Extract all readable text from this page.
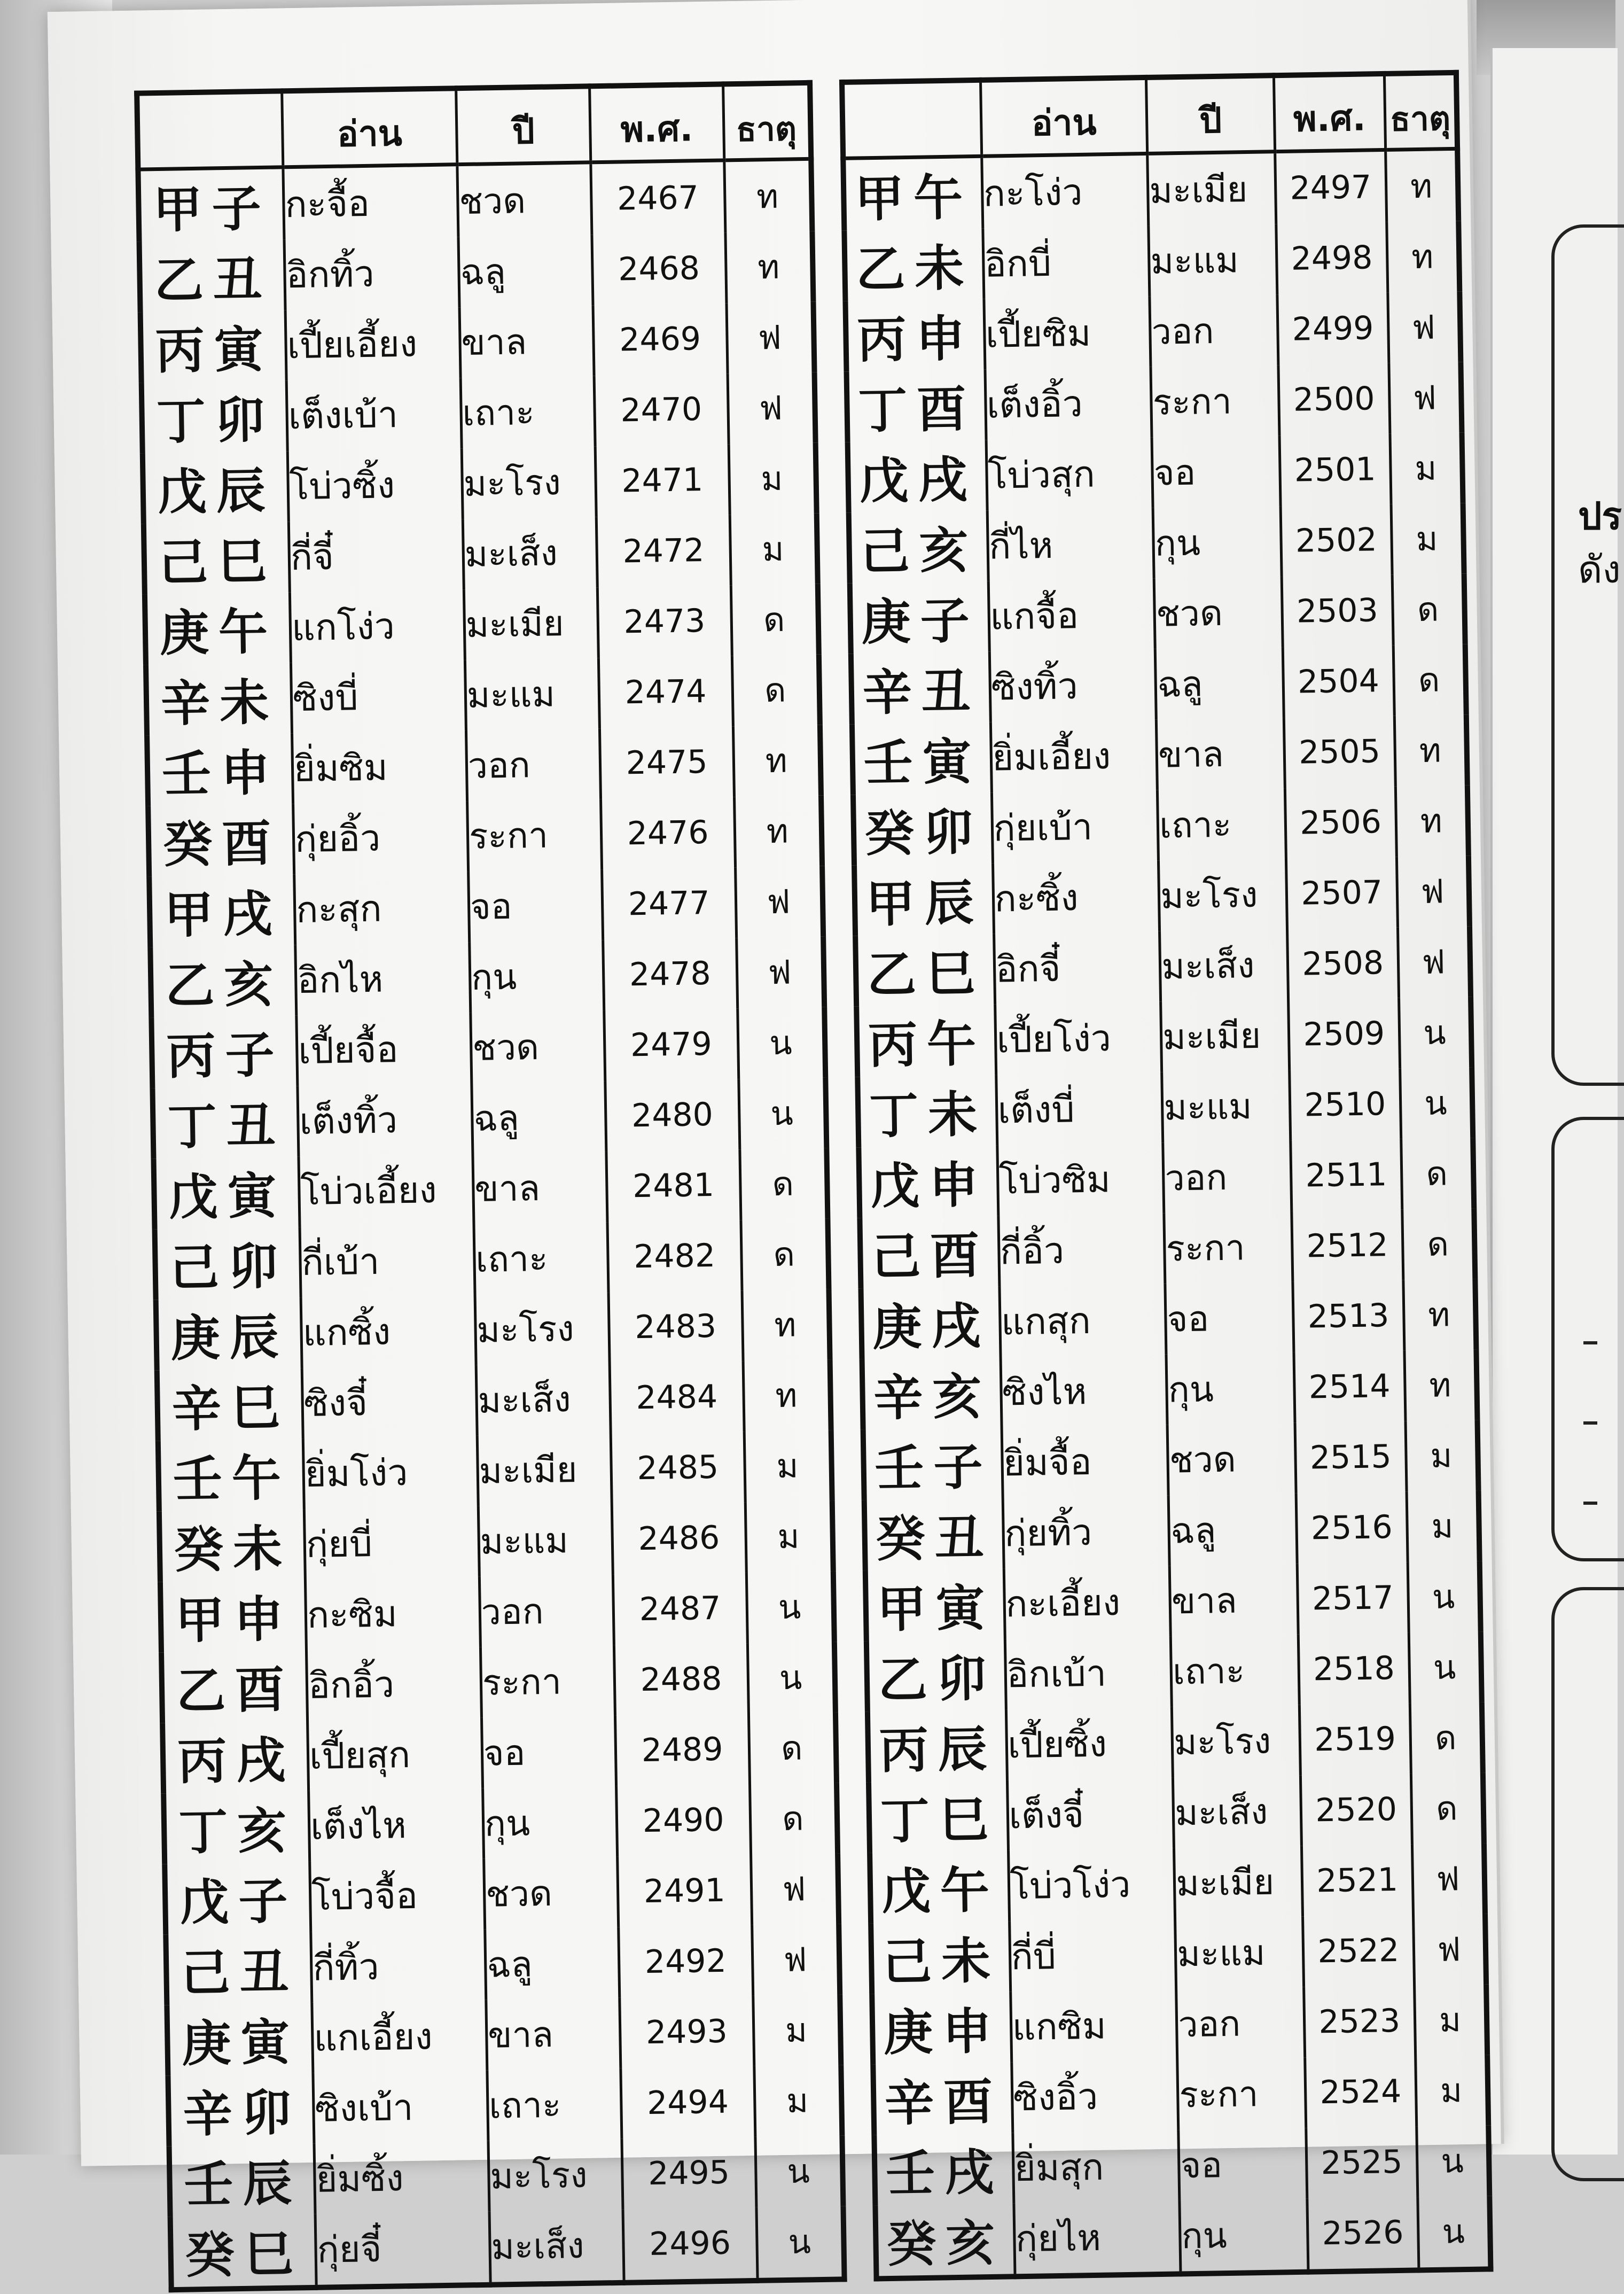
ปร
ดัง
	อ่าน	ปี	พ.ศ.	ธาตุ
甲子	กะจื้อ	ชวด	2467	ท
乙丑	อิกทิ้ว	ฉลู	2468	ท
丙寅	เปี้ยเอี้ยง	ขาล	2469	ฟ
丁卯	เต็งเบ้า	เถาะ	2470	ฟ
戊辰	โบ่วซิ้ง	มะโรง	2471	ม
己巳	กี่จี๋	มะเส็ง	2472	ม
庚午	แกโง่ว	มะเมีย	2473	ด
辛未	ซิงบี่	มะแม	2474	ด
壬申	ยิ่มซิม	วอก	2475	ท
癸酉	กุ่ยอิ้ว	ระกา	2476	ท
甲戌	กะสุก	จอ	2477	ฟ
乙亥	อิกไห	กุน	2478	ฟ
丙子	เปี้ยจื้อ	ชวด	2479	น
丁丑	เต็งทิ้ว	ฉลู	2480	น
戊寅	โบ่วเอี้ยง	ขาล	2481	ด
己卯	กี่เบ้า	เถาะ	2482	ด
庚辰	แกซิ้ง	มะโรง	2483	ท
辛巳	ซิงจี๋	มะเส็ง	2484	ท
壬午	ยิ่มโง่ว	มะเมีย	2485	ม
癸未	กุ่ยบี่	มะแม	2486	ม
甲申	กะซิม	วอก	2487	น
乙酉	อิกอิ้ว	ระกา	2488	น
丙戌	เปี้ยสุก	จอ	2489	ด
丁亥	เต็งไห	กุน	2490	ด
戊子	โบ่วจื้อ	ชวด	2491	ฟ
己丑	กี่ทิ้ว	ฉลู	2492	ฟ
庚寅	แกเอี้ยง	ขาล	2493	ม
辛卯	ซิงเบ้า	เถาะ	2494	ม
壬辰	ยิ่มซิ้ง	มะโรง	2495	น
癸巳	กุ่ยจี๋	มะเส็ง	2496	น
	อ่าน	ปี	พ.ศ.	ธาตุ
甲午	กะโง่ว	มะเมีย	2497	ท
乙未	อิกบี่	มะแม	2498	ท
丙申	เปี้ยซิม	วอก	2499	ฟ
丁酉	เต็งอิ้ว	ระกา	2500	ฟ
戊戌	โบ่วสุก	จอ	2501	ม
己亥	กี่ไห	กุน	2502	ม
庚子	แกจื้อ	ชวด	2503	ด
辛丑	ซิงทิ้ว	ฉลู	2504	ด
壬寅	ยิ่มเอี้ยง	ขาล	2505	ท
癸卯	กุ่ยเบ้า	เถาะ	2506	ท
甲辰	กะซิ้ง	มะโรง	2507	ฟ
乙巳	อิกจี๋	มะเส็ง	2508	ฟ
丙午	เปี้ยโง่ว	มะเมีย	2509	น
丁未	เต็งบี่	มะแม	2510	น
戊申	โบ่วซิม	วอก	2511	ด
己酉	กี่อิ้ว	ระกา	2512	ด
庚戌	แกสุก	จอ	2513	ท
辛亥	ซิงไห	กุน	2514	ท
壬子	ยิ่มจื้อ	ชวด	2515	ม
癸丑	กุ่ยทิ้ว	ฉลู	2516	ม
甲寅	กะเอี้ยง	ขาล	2517	น
乙卯	อิกเบ้า	เถาะ	2518	น
丙辰	เปี้ยซิ้ง	มะโรง	2519	ด
丁巳	เต็งจี๋	มะเส็ง	2520	ด
戊午	โบ่วโง่ว	มะเมีย	2521	ฟ
己未	กี่บี่	มะแม	2522	ฟ
庚申	แกซิม	วอก	2523	ม
辛酉	ซิงอิ้ว	ระกา	2524	ม
壬戌	ยิ่มสุก	จอ	2525	น
癸亥	กุ่ยไห	กุน	2526	น
